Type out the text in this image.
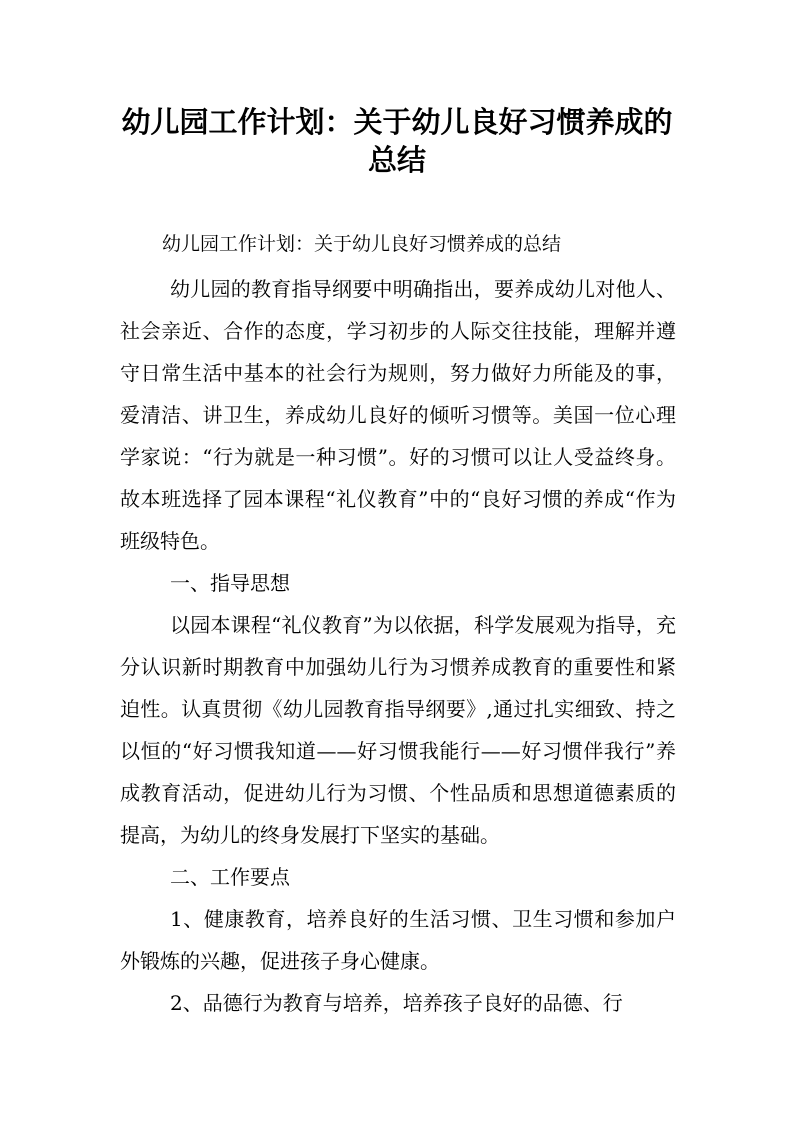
幼儿园工作计划：关于幼儿良好习惯养成的
总结

幼儿园工作计划：关于幼儿良好习惯养成的总结

幼儿园的教育指导纲要中明确指出，要养成幼儿对他人、社会亲近、合作的态度，学习初步的人际交往技能，理解并遵守日常生活中基本的社会行为规则，努力做好力所能及的事，爱清洁、讲卫生，养成幼儿良好的倾听习惯等。美国一位心理学家说：“行为就是一种习惯”。好的习惯可以让人受益终身。故本班选择了园本课程“礼仪教育”中的“良好习惯的养成“作为班级特色。

一、指导思想

以园本课程“礼仪教育”为以依据，科学发展观为指导，充分认识新时期教育中加强幼儿行为习惯养成教育的重要性和紧迫性。认真贯彻《幼儿园教育指导纲要》,通过扎实细致、持之以恒的“好习惯我知道——好习惯我能行——好习惯伴我行”养成教育活动，促进幼儿行为习惯、个性品质和思想道德素质的提高，为幼儿的终身发展打下坚实的基础。

二、工作要点

1、健康教育，培养良好的生活习惯、卫生习惯和参加户外锻炼的兴趣，促进孩子身心健康。

2、品德行为教育与培养，培养孩子良好的品德、行
